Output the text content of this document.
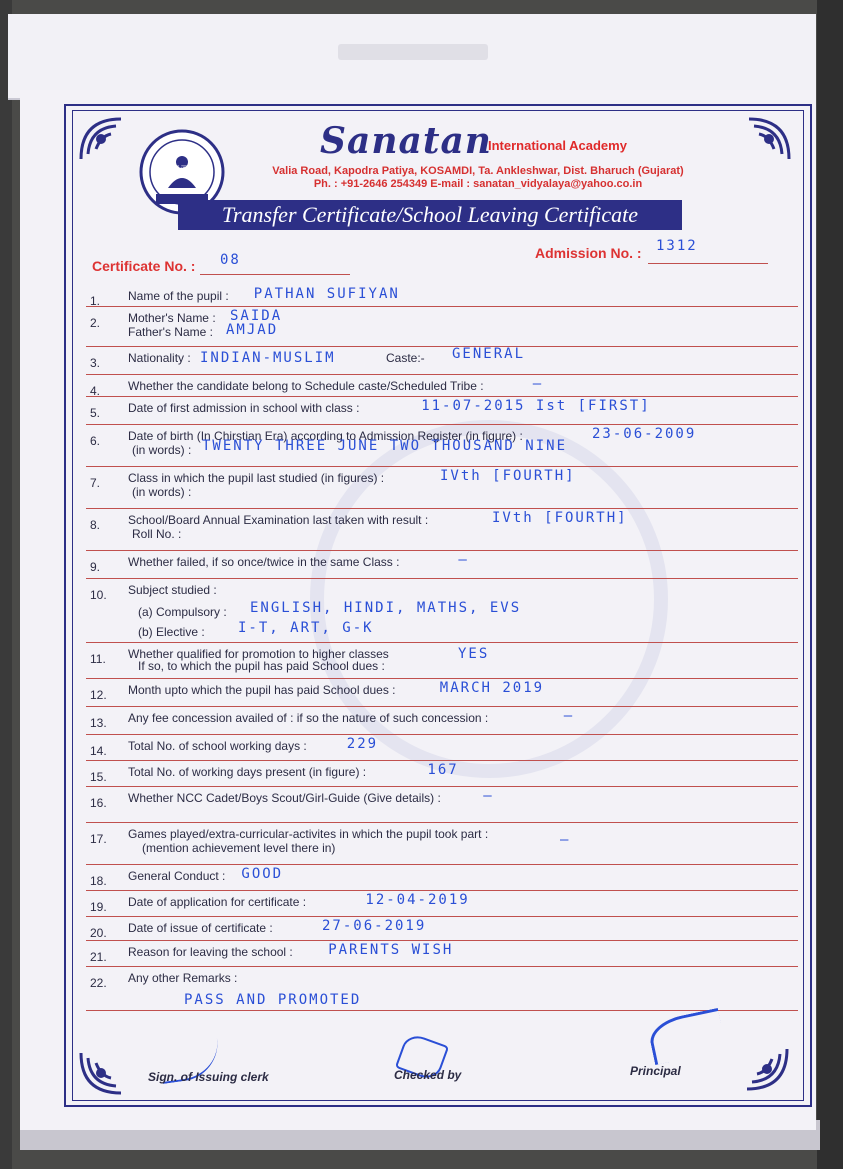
असतो मा ज्योतिर्गमय
Sanatan
International Academy
Valia Road, Kapodra Patiya, KOSAMDI, Ta. Ankleshwar, Dist. Bharuch (Gujarat)
Ph. : +91-2646 254349 E-mail : sanatan_vidyalaya@yahoo.co.in
Transfer Certificate/School Leaving Certificate
Admission No. : 1312
Certificate No. : 08
1.	Name of the pupil : PATHAN SUFIYAN
2.	Mother's Name : SAIDA
Father's Name : AMJAD
3.	Nationality : INDIAN-MUSLIM	Caste:- GENERAL
4.	Whether the candidate belong to Schedule caste/Scheduled Tribe :	—
5.	Date of first admission in school with class :	11-07-2015 Ist [FIRST]
6.	Date of birth (In Chirstian Era) according to Admission Register (in figure) :	23-06-2009
(in words) : TWENTY THREE JUNE TWO THOUSAND NINE
7.	Class in which the pupil last studied (in figures) :	IVth [FOURTH]
(in words) :
8.	School/Board Annual Examination last taken with result :	IVth [FOURTH]
Roll No. :
9.	Whether failed, if so once/twice in the same Class :	—
10.	Subject studied :
(a) Compulsory : ENGLISH, HINDI, MATHS, EVS
(b) Elective : I-T, ART, G-K
11.	Whether qualified for promotion to higher classes
If so, to which the pupil has paid School dues :
YES
12.	Month upto which the pupil has paid School dues :	MARCH 2019
13.	Any fee concession availed of : if so the nature of such concession :	—
14.	Total No. of school working days :	229
15.	Total No. of working days present (in figure) :	167
16.	Whether NCC Cadet/Boys Scout/Girl-Guide (Give details) :	—
17.	Games played/extra-curricular-activites in which the pupil took part :
(mention achievement level there in)	—
18.	General Conduct : GOOD
19.	Date of application for certificate :	12-04-2019
20.	Date of issue of certificate :	27-06-2019
21.	Reason for leaving the school :	PARENTS WISH
22.	Any other Remarks :
PASS AND PROMOTED
Sign. of Issuing clerk	Checked by	Principal
